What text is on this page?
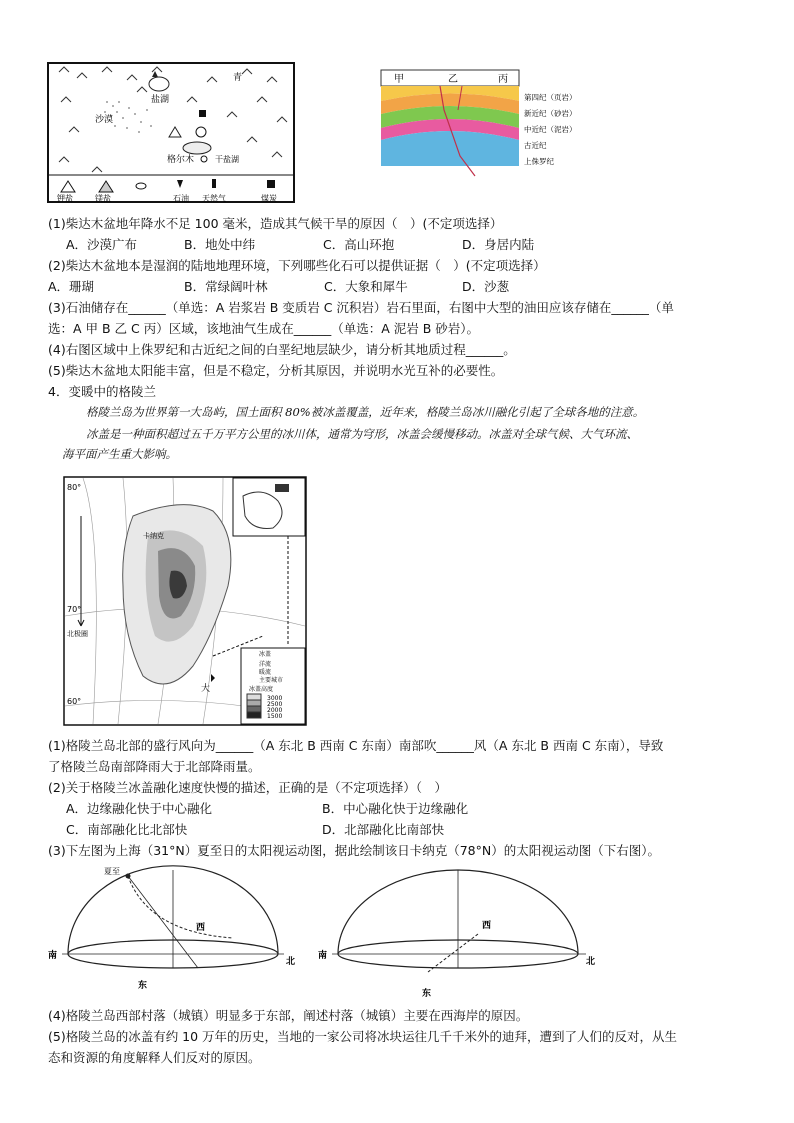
盐湖
青
沙漠
格尔木	干盐湖
钾盐	镁盐	石油 天然气	煤炭
甲	乙	丙
第四纪（页岩）
新近纪（砂岩）
中近纪（泥岩）
古近纪
上侏罗纪
(1)柴达木盆地年降水不足 100 毫米，造成其气候干旱的原因（　）(不定项选择）
A．沙漠广布	B．地处中纬	C．高山环抱	D．身居内陆
(2)柴达木盆地本是湿润的陆地地理环境，下列哪些化石可以提供证据（　）(不定项选择）
A．珊瑚	B．常绿阔叶林	C．大象和犀牛	D．沙葱
(3)石油储存在______（单选：A 岩浆岩 B 变质岩 C 沉积岩）岩石里面，右图中大型的油田应该存储在______（单
选：A 甲 B 乙 C 丙）区域，该地油气生成在______（单选：A 泥岩 B 砂岩）。
(4)右图区域中上侏罗纪和古近纪之间的白垩纪地层缺少，请分析其地质过程______。
(5)柴达木盆地太阳能丰富，但是不稳定，分析其原因，并说明水光互补的必要性。
4．变暖中的格陵兰
格陵兰岛为世界第一大岛屿，国土面积 80%被冰盖覆盖，近年来，格陵兰岛冰川融化引起了全球各地的注意。
冰盖是一种面积超过五千万平方公里的冰川体，通常为穹形，冰盖会缓慢移动。冰盖对全球气候、大气环流、
海平面产生重大影响。
80°
70°
60°
卡纳克
北极圈
大
冰盖
洋流
暖流
主要城市
冰盖高度
3000
2500
2000
1500
(1)格陵兰岛北部的盛行风向为______（A 东北 B 西南 C 东南）南部吹______风（A 东北 B 西南 C 东南），导致
了格陵兰岛南部降雨大于北部降雨量。
(2)关于格陵兰冰盖融化速度快慢的描述，正确的是（不定项选择）（　）
A．边缘融化快于中心融化	B．中心融化快于边缘融化
C．南部融化比北部快	D．北部融化比南部快
(3)下左图为上海（31°N）夏至日的太阳视运动图，据此绘制该日卡纳克（78°N）的太阳视运动图（下右图）。
夏至
南
北
西
东
南
北
西
东
(4)格陵兰岛西部村落（城镇）明显多于东部，阐述村落（城镇）主要在西海岸的原因。
(5)格陵兰岛的冰盖有约 10 万年的历史，当地的一家公司将冰块运往几千千米外的迪拜，遭到了人们的反对，从生
态和资源的角度解释人们反对的原因。
